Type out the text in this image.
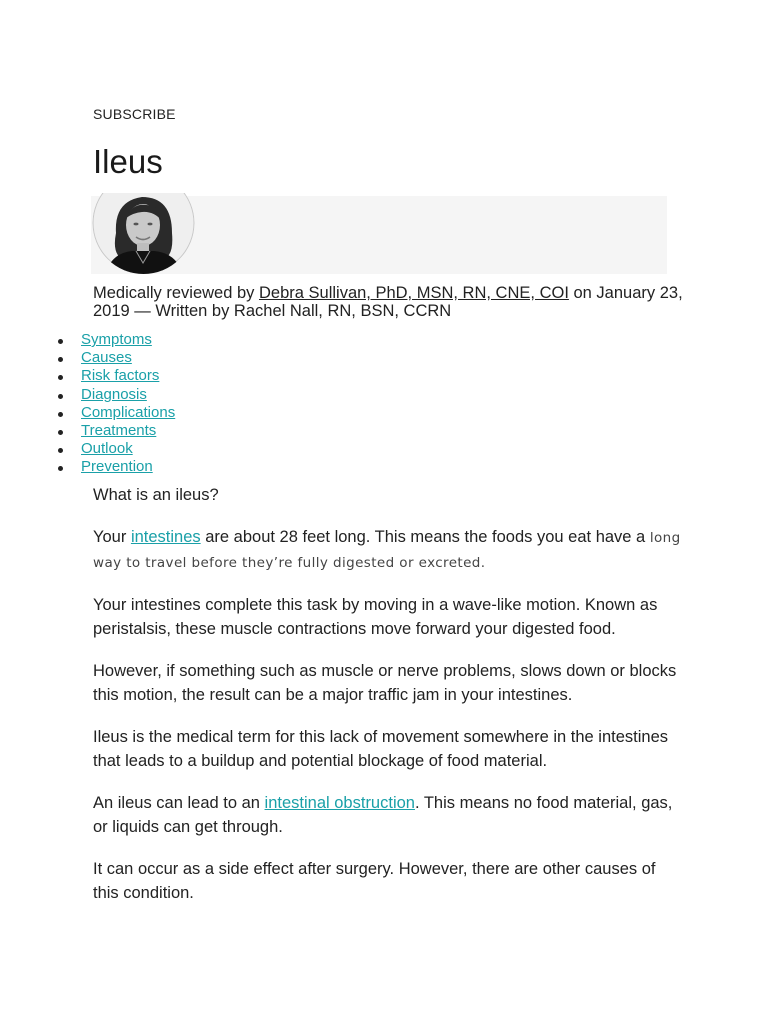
SUBSCRIBE
Ileus
Medically reviewed by Debra Sullivan, PhD, MSN, RN, CNE, COI on January 23, 2019 — Written by Rachel Nall, RN, BSN, CCRN
Symptoms
Causes
Risk factors
Diagnosis
Complications
Treatments
Outlook
Prevention
What is an ileus?

Your intestines are about 28 feet long. This means the foods you eat have a long way to travel before they’re fully digested or excreted.

Your intestines complete this task by moving in a wave-like motion. Known as peristalsis, these muscle contractions move forward your digested food.

However, if something such as muscle or nerve problems, slows down or blocks this motion, the result can be a major traffic jam in your intestines.

Ileus is the medical term for this lack of movement somewhere in the intestines that leads to a buildup and potential blockage of food material.

An ileus can lead to an intestinal obstruction. This means no food material, gas, or liquids can get through.

It can occur as a side effect after surgery. However, there are other causes of this condition.
